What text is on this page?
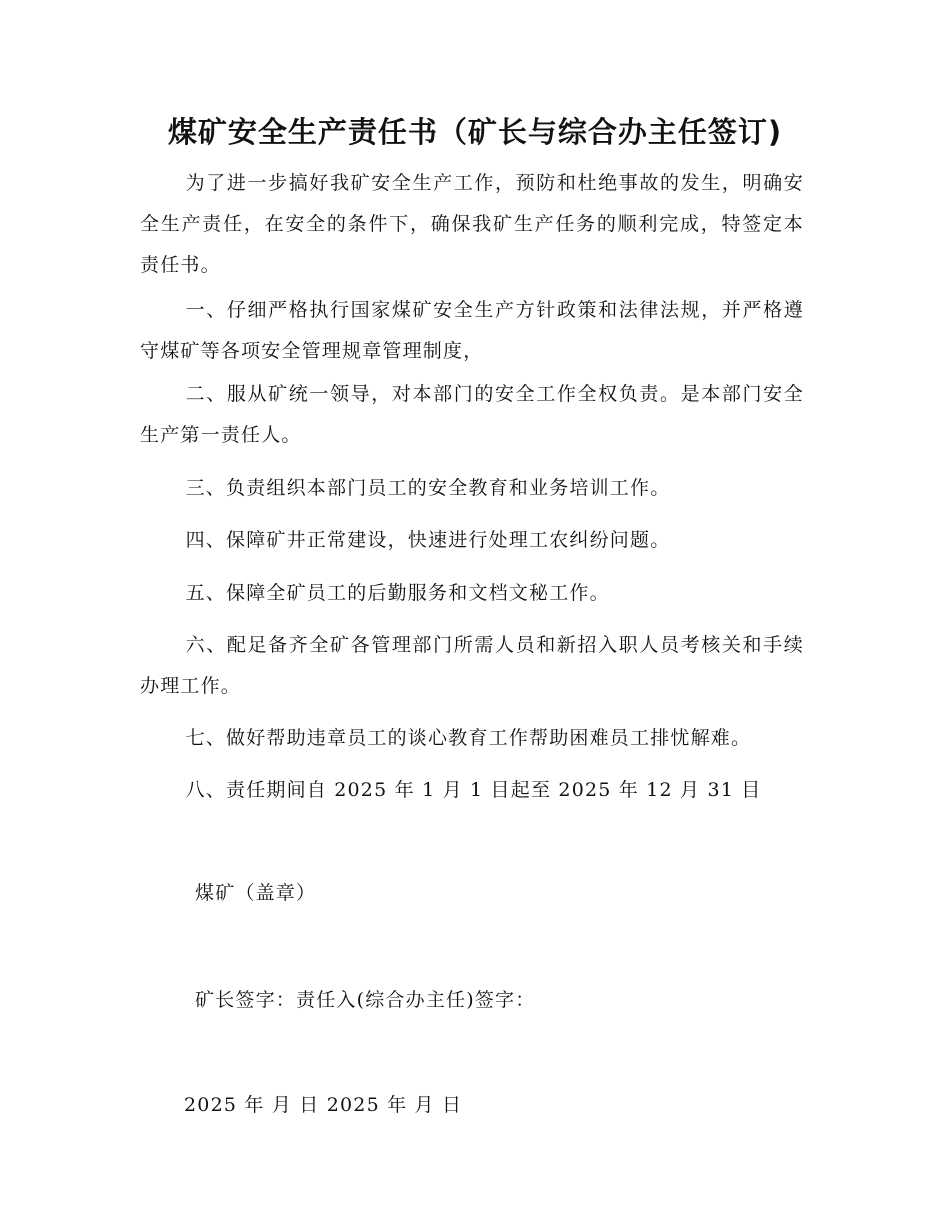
煤矿安全生产责任书（矿长与综合办主任签订)

为了进一步搞好我矿安全生产工作，预防和杜绝事故的发生，明确安全生产责任，在安全的条件下，确保我矿生产任务的顺利完成，特签定本责任书。

一、仔细严格执行国家煤矿安全生产方针政策和法律法规，并严格遵守煤矿等各项安全管理规章管理制度，

二、服从矿统一领导，对本部门的安全工作全权负责。是本部门安全生产第一责任人。

三、负责组织本部门员工的安全教育和业务培训工作。

四、保障矿井正常建设，快速进行处理工农纠纷问题。

五、保障全矿员工的后勤服务和文档文秘工作。

六、配足备齐全矿各管理部门所需人员和新招入职人员考核关和手续办理工作。

七、做好帮助违章员工的谈心教育工作帮助困难员工排忧解难。

八、责任期间自 2025 年 1 月 1 目起至 2025 年 12 月 31 目

煤矿（盖章）

矿长签字：责任入(综合办主任)签字：

2025 年 月 日 2025 年 月 日
